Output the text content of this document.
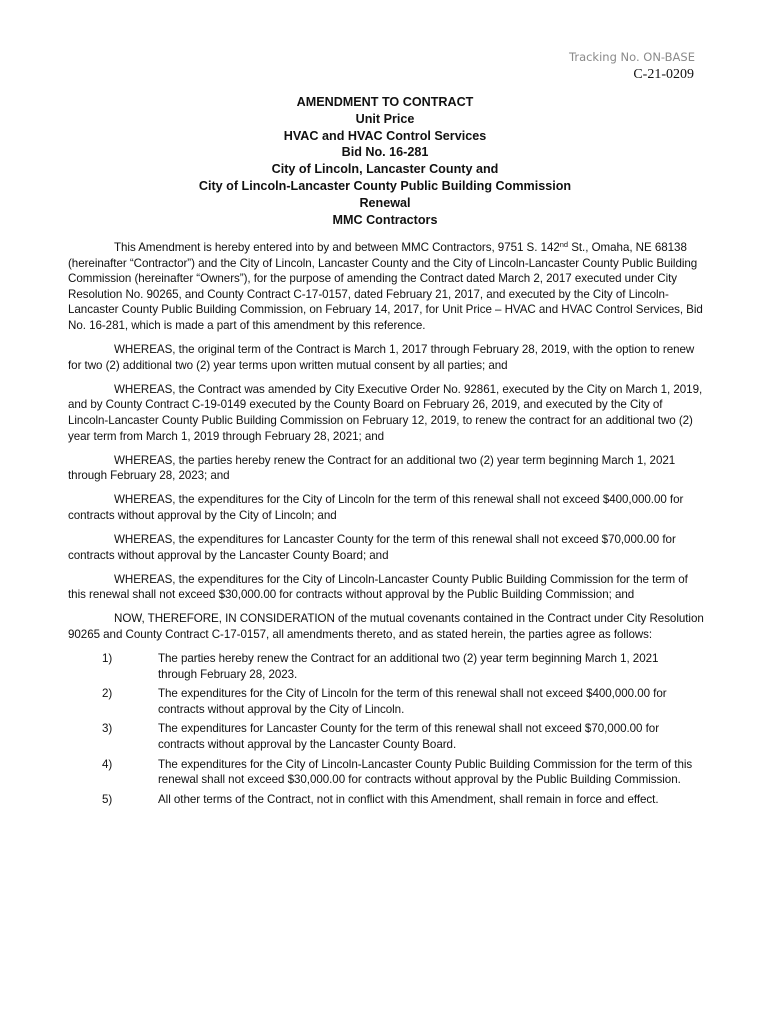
Tracking No. ON-BASE
C-21-0209
AMENDMENT TO CONTRACT
Unit Price
HVAC and HVAC Control Services
Bid No. 16-281
City of Lincoln, Lancaster County and
City of Lincoln-Lancaster County Public Building Commission
Renewal
MMC Contractors

This Amendment is hereby entered into by and between MMC Contractors, 9751 S. 142nd St., Omaha, NE 68138 (hereinafter “Contractor”) and the City of Lincoln, Lancaster County and the City of Lincoln-Lancaster County Public Building Commission (hereinafter “Owners”), for the purpose of amending the Contract dated March 2, 2017 executed under City Resolution No. 90265, and County Contract C-17-0157, dated February 21, 2017, and executed by the City of Lincoln-Lancaster County Public Building Commission, on February 14, 2017, for Unit Price – HVAC and HVAC Control Services, Bid No. 16-281, which is made a part of this amendment by this reference.

WHEREAS, the original term of the Contract is March 1, 2017 through February 28, 2019, with the option to renew for two (2) additional two (2) year terms upon written mutual consent by all parties; and

WHEREAS, the Contract was amended by City Executive Order No. 92861, executed by the City on March 1, 2019, and by County Contract C-19-0149 executed by the County Board on February 26, 2019, and executed by the City of Lincoln-Lancaster County Public Building Commission on February 12, 2019, to renew the contract for an additional two (2) year term from March 1, 2019 through February 28, 2021; and

WHEREAS, the parties hereby renew the Contract for an additional two (2) year term beginning March 1, 2021 through February 28, 2023; and

WHEREAS, the expenditures for the City of Lincoln for the term of this renewal shall not exceed $400,000.00 for contracts without approval by the City of Lincoln; and

WHEREAS, the expenditures for Lancaster County for the term of this renewal shall not exceed $70,000.00 for contracts without approval by the Lancaster County Board; and

WHEREAS, the expenditures for the City of Lincoln-Lancaster County Public Building Commission for the term of this renewal shall not exceed $30,000.00 for contracts without approval by the Public Building Commission; and

NOW, THEREFORE, IN CONSIDERATION of the mutual covenants contained in the Contract under City Resolution 90265 and County Contract C-17-0157, all amendments thereto, and as stated herein, the parties agree as follows:

1)	The parties hereby renew the Contract for an additional two (2) year term beginning March 1, 2021 through February 28, 2023.
2)	The expenditures for the City of Lincoln for the term of this renewal shall not exceed $400,000.00 for contracts without approval by the City of Lincoln.
3)	The expenditures for Lancaster County for the term of this renewal shall not exceed $70,000.00 for contracts without approval by the Lancaster County Board.
4)	The expenditures for the City of Lincoln-Lancaster County Public Building Commission for the term of this renewal shall not exceed $30,000.00 for contracts without approval by the Public Building Commission.
5)	All other terms of the Contract, not in conflict with this Amendment, shall remain in force and effect.
